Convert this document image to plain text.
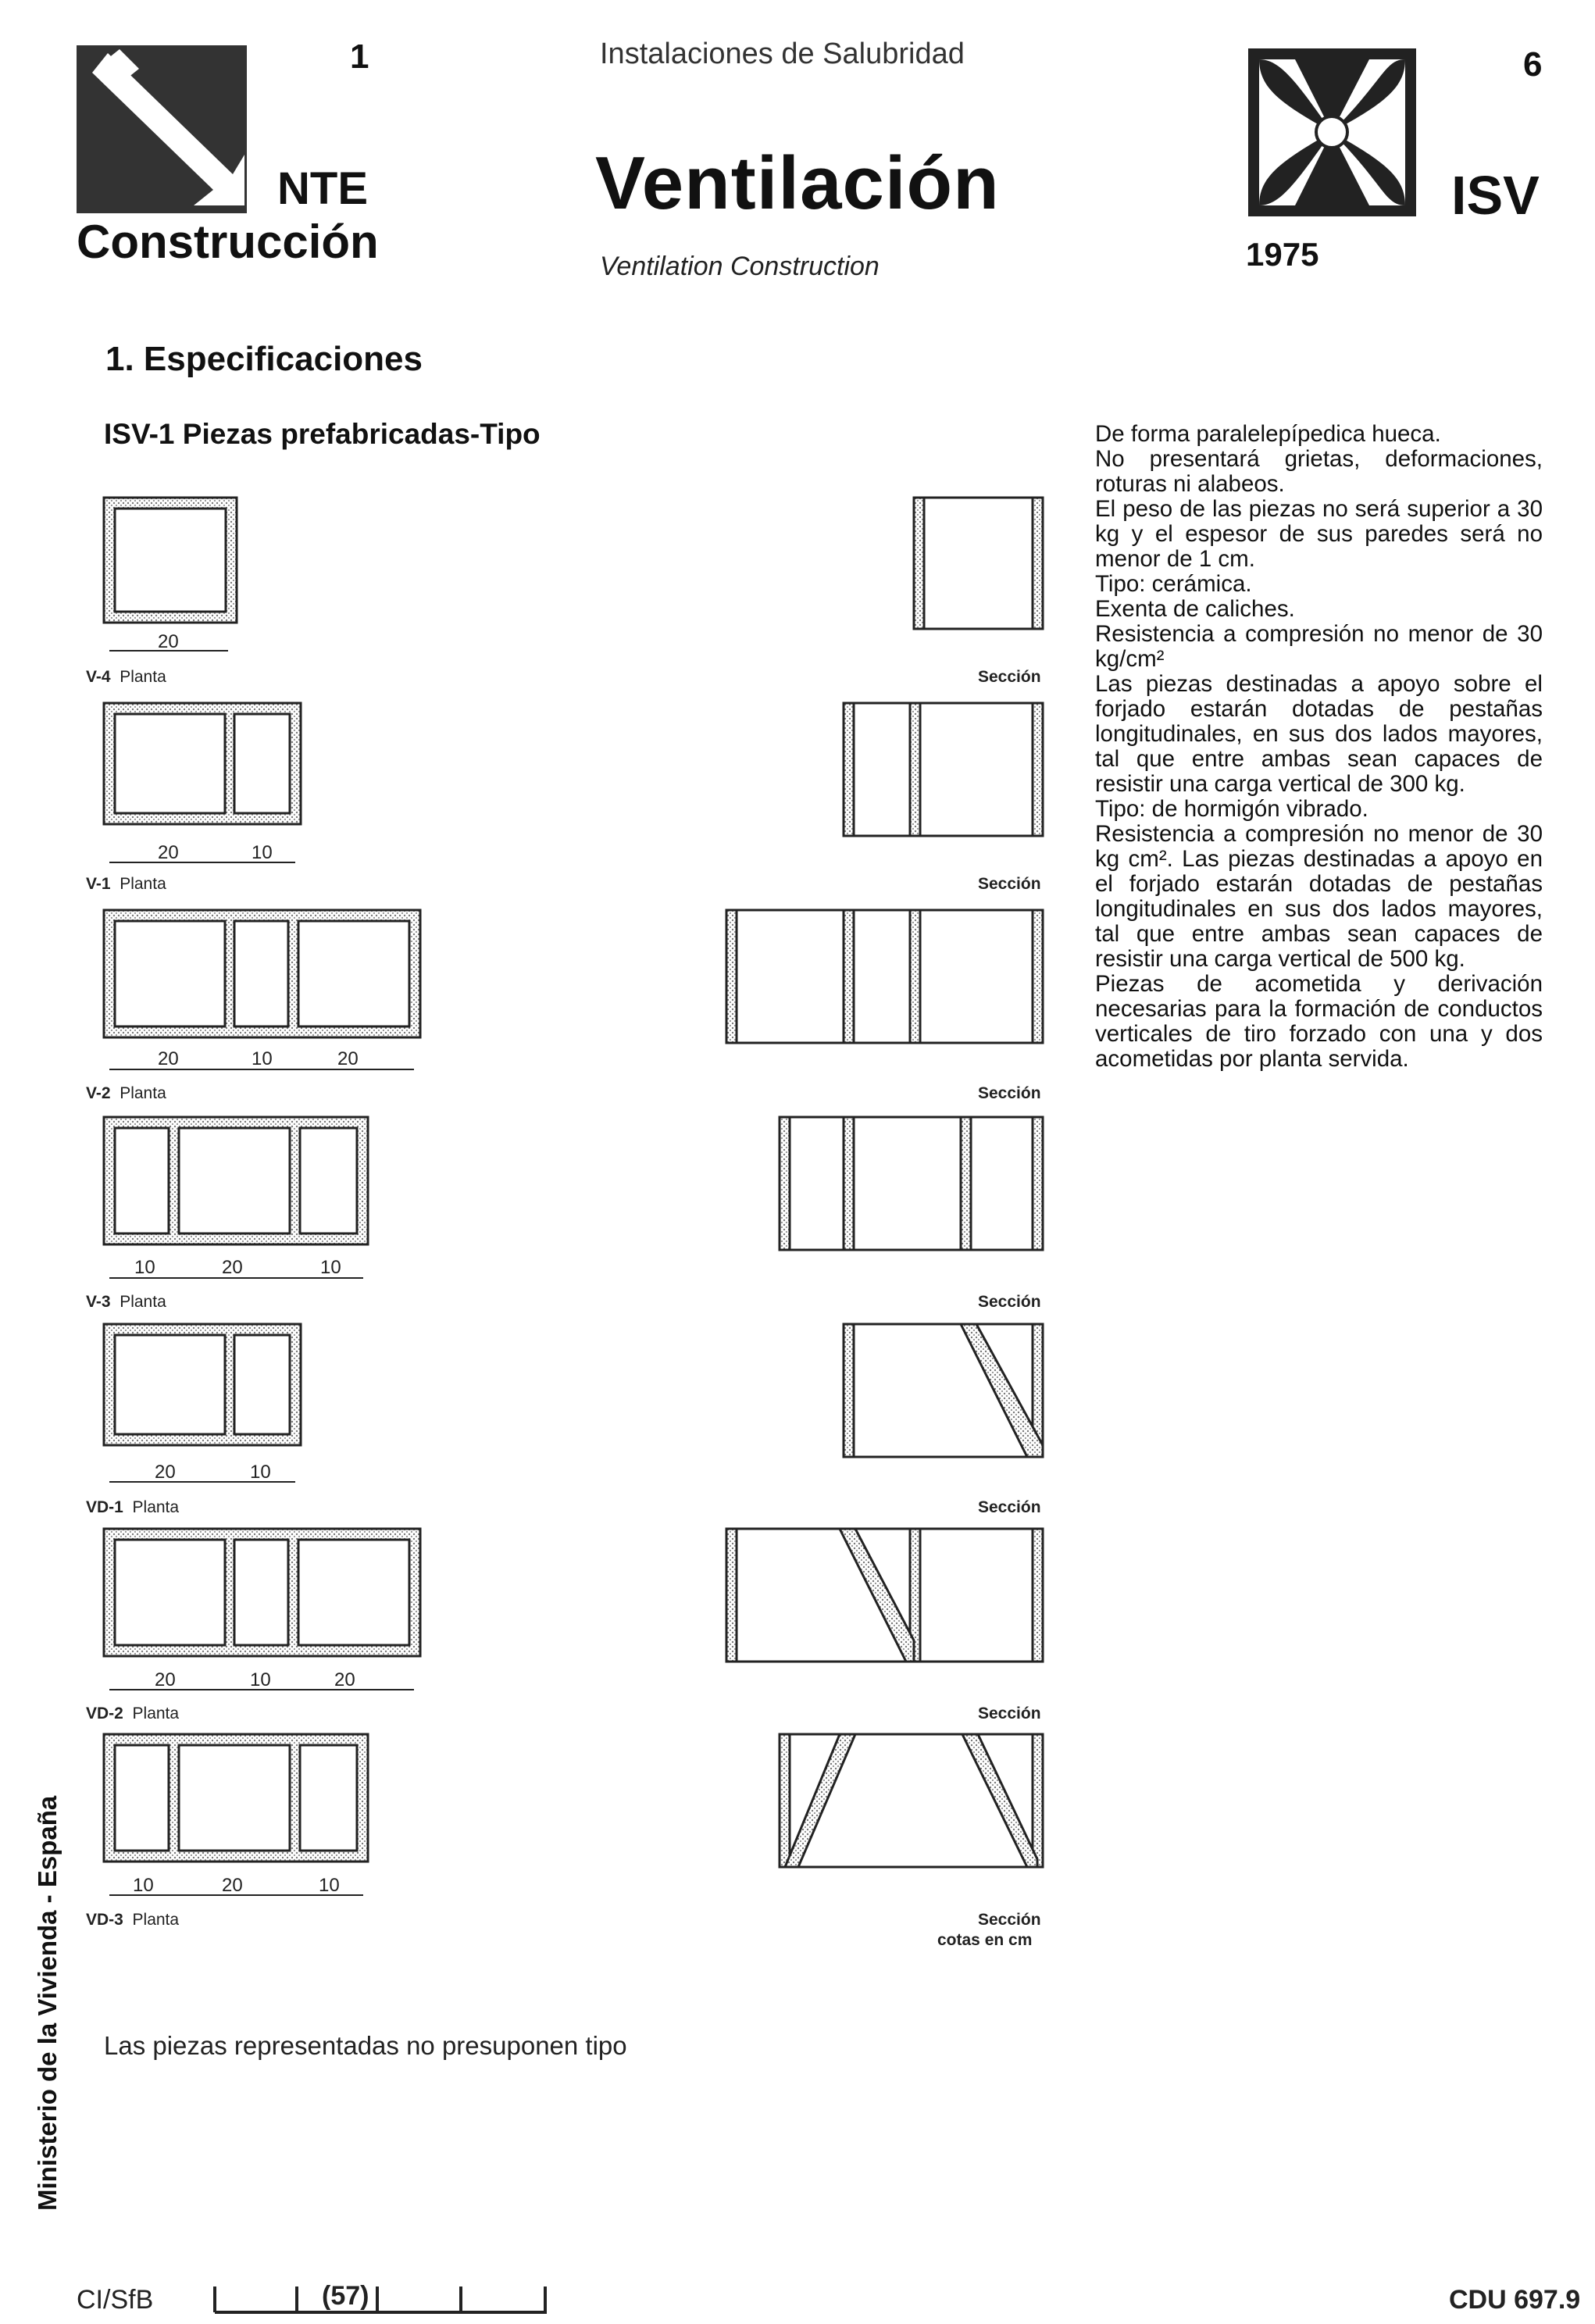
1
NTE
Construcción
Instalaciones de Salubridad
Ventilación
Ventilation Construction
6
ISV
1975
1. Especificaciones
ISV-1 Piezas prefabricadas-Tipo	De forma paralelepípedica hueca.

No presentará grietas, deformaciones, roturas ni alabeos.

El peso de las piezas no será superior a 30 kg y el espesor de sus paredes será no menor de 1 cm.

Tipo: cerámica.

Exenta de caliches.

Resistencia a compresión no menor de 30 kg/cm²

Las piezas destinadas a apoyo sobre el forjado estarán dotadas de pestañas longitudinales, en sus dos lados mayores, tal que entre ambas sean capaces de resistir una carga vertical de 300 kg.

Tipo: de hormigón vibrado.

Resistencia a compresión no menor de 30 kg cm². Las piezas destinadas a apoyo en el forjado estarán dotadas de pestañas longitudinales en sus dos lados mayores, tal que entre ambas sean capaces de resistir una carga vertical de 500 kg.

Piezas de acometida y derivación necesarias para la formación de conductos verticales de tiro forzado con una y dos acometidas por planta servida.

20
20	10
20	10	20
10	20	10
20	10
20	10	20
10	20	10
V-4 Planta
V-1 Planta
V-2 Planta
V-3 Planta
VD-1 Planta
VD-2 Planta
VD-3 Planta
Sección
Sección
Sección
Sección
Sección
Sección
Sección
cotas en cm
Las piezas representadas no presuponen tipo
Ministerio de la Vivienda - España
CI/SfB	(57)	CDU 697.9
